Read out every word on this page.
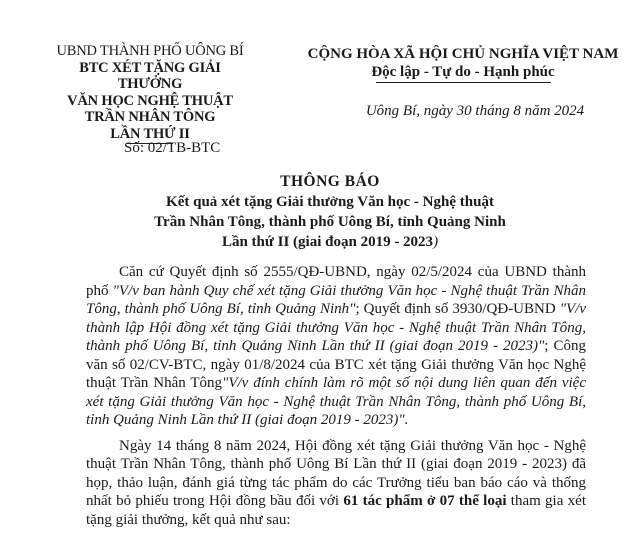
UBND THÀNH PHỐ UÔNG BÍ
BTC XÉT TẶNG GIẢI THƯỞNG
VĂN HỌC NGHỆ THUẬT
TRẦN NHÂN TÔNG
LẦN THỨ II
CỘNG HÒA XÃ HỘI CHỦ NGHĨA VIỆT NAM
Độc lập - Tự do - Hạnh phúc
Uông Bí, ngày 30 tháng 8 năm 2024
Số: 02/TB-BTC
THÔNG BÁO
Kết quả xét tặng Giải thưởng Văn học - Nghệ thuật
Trần Nhân Tông, thành phố Uông Bí, tỉnh Quảng Ninh
Lần thứ II (giai đoạn 2019 - 2023)

Căn cứ Quyết định số 2555/QĐ-UBND, ngày 02/5/2024 của UBND thành phố "V/v ban hành Quy chế xét tặng Giải thưởng Văn học - Nghệ thuật Trần Nhân Tông, thành phố Uông Bí, tỉnh Quảng Ninh"; Quyết định số 3930/QĐ-UBND "V/v thành lập Hội đồng xét tặng Giải thưởng Văn học - Nghệ thuật Trần Nhân Tông, thành phố Uông Bí, tỉnh Quảng Ninh Lần thứ II (giai đoạn 2019 - 2023)"; Công văn số 02/CV-BTC, ngày 01/8/2024 của BTC xét tặng Giải thưởng Văn học Nghệ thuật Trần Nhân Tông"V/v đính chính làm rõ một số nội dung liên quan đến việc xét tặng Giải thưởng Văn học - Nghệ thuật Trần Nhân Tông, thành phố Uông Bí, tỉnh Quảng Ninh Lần thứ II (giai đoạn 2019 - 2023)".

Ngày 14 tháng 8 năm 2024, Hội đồng xét tặng Giải thưởng Văn học - Nghệ thuật Trần Nhân Tông, thành phố Uông Bí Lần thứ II (giai đoạn 2019 - 2023) đã họp, thảo luận, đánh giá từng tác phẩm do các Trưởng tiểu ban báo cáo và thống nhất bỏ phiếu trong Hội đồng bầu đối với 61 tác phẩm ở 07 thể loại tham gia xét tặng giải thưởng, kết quả như sau:
